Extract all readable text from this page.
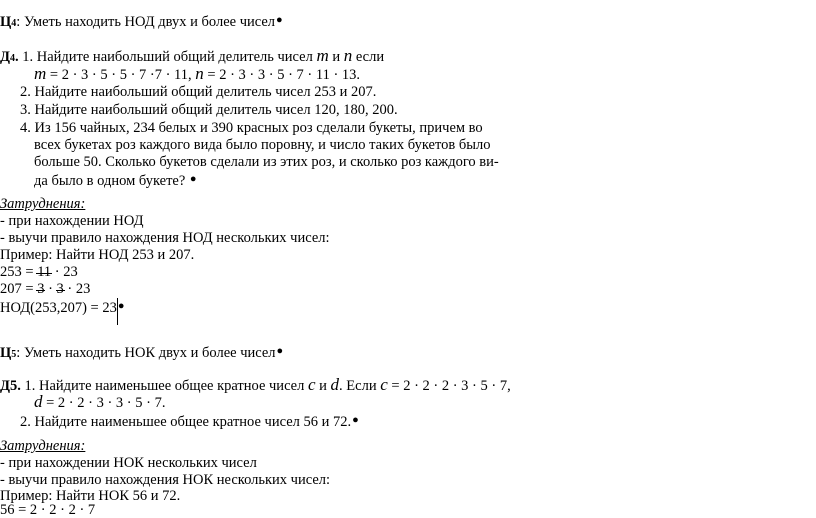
Ц4: Уметь находить НОД двух и более чисел●
Д4. 1. Найдите наибольший общий делитель чисел m и n если
m = 2 · 3 · 5 · 5 · 7 ·7 · 11, n = 2 · 3 · 3 · 5 · 7 · 11 · 13.
2. Найдите наибольший общий делитель чисел 253 и 207.
3. Найдите наибольший общий делитель чисел 120, 180, 200.
4. Из 156 чайных, 234 белых и 390 красных роз сделали букеты, причем во
всех букетах роз каждого вида было поровну, и число таких букетов было
больше 50. Сколько букетов сделали из этих роз, и сколько роз каждого ви-
да было в одном букете? ●
Затруднения:
- при нахождении НОД
- выучи правило нахождения НОД нескольких чисел:
Пример: Найти НОД 253 и 207.
253 = 11 · 23
207 = 3 · 3 · 23
НОД(253,207) = 23●
Ц5: Уметь находить НОК двух и более чисел●
Д5. 1. Найдите наименьшее общее кратное чисел c и d. Если c = 2 · 2 · 2 · 3 · 5 · 7,
d = 2 · 2 · 3 · 3 · 5 · 7.
2. Найдите наименьшее общее кратное чисел 56 и 72.●
Затруднения:
- при нахождении НОК нескольких чисел
- выучи правило нахождения НОК нескольких чисел:
Пример: Найти НОК 56 и 72.
56 = 2 · 2 · 2 · 7
